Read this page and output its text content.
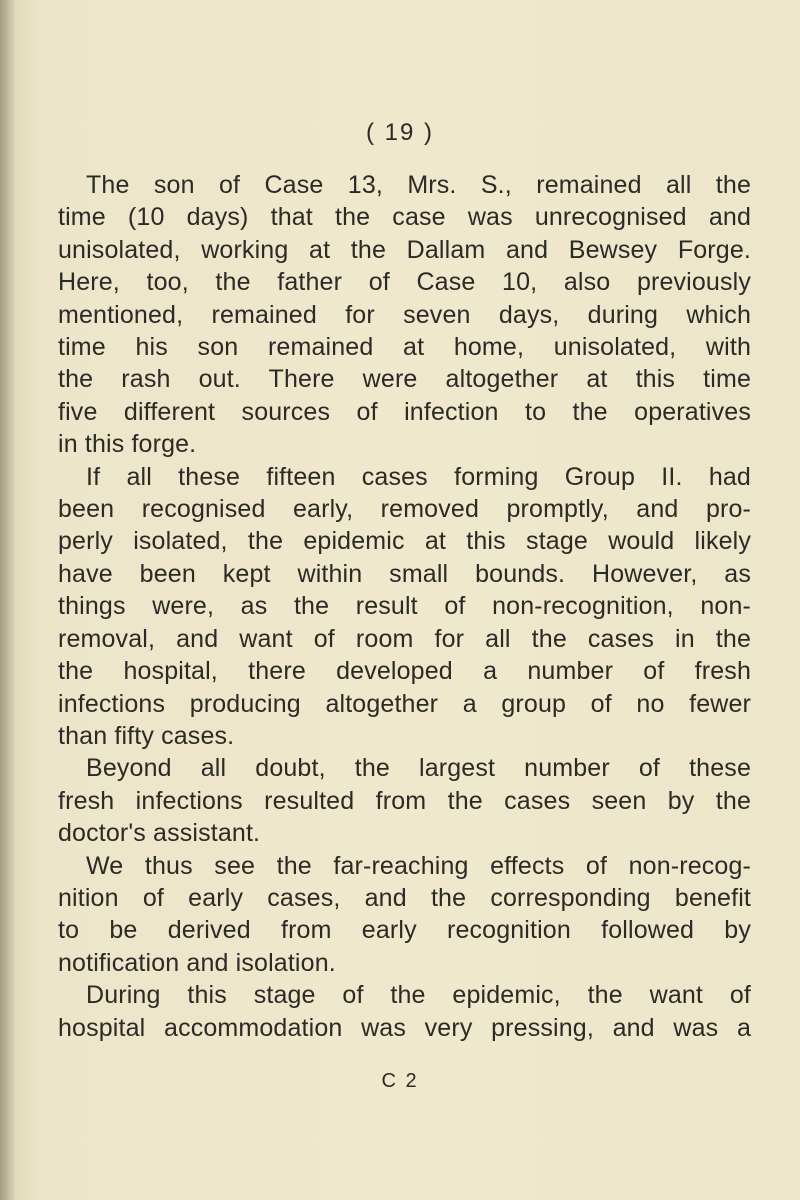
( 19 )
The son of Case 13, Mrs. S., remained all the
time (10 days) that the case was unrecognised and
unisolated, working at the Dallam and Bewsey Forge.
Here, too, the father of Case 10, also previously
mentioned, remained for seven days, during which
time his son remained at home, unisolated, with
the rash out. There were altogether at this time
five different sources of infection to the operatives
in this forge.
If all these fifteen cases forming Group II. had
been recognised early, removed promptly, and pro-
perly isolated, the epidemic at this stage would likely
have been kept within small bounds. However, as
things were, as the result of non-recognition, non-
removal, and want of room for all the cases in the
the hospital, there developed a number of fresh
infections producing altogether a group of no fewer
than fifty cases.
Beyond all doubt, the largest number of these
fresh infections resulted from the cases seen by the
doctor's assistant.
We thus see the far-reaching effects of non-recog-
nition of early cases, and the corresponding benefit
to be derived from early recognition followed by
notification and isolation.
During this stage of the epidemic, the want of
hospital accommodation was very pressing, and was a
C 2
